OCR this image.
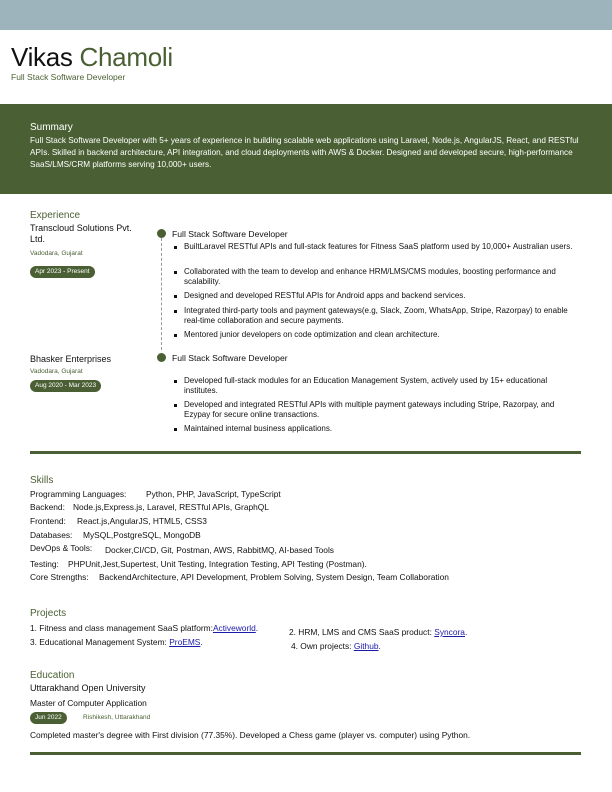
Vikas Chamoli
Full Stack Software Developer
Summary
Full Stack Software Developer with 5+ years of experience in building scalable web applications using Laravel, Node.js, AngularJS, React, and RESTful APIs. Skilled in backend architecture, API integration, and cloud deployments with AWS & Docker. Designed and developed secure, high-performance SaaS/LMS/CRM platforms serving 10,000+ users.
Experience
Transcloud Solutions Pvt. Ltd.
Vadodara, Gujarat
Apr 2023 - Present
Full Stack Software Developer
BuiltLaravel RESTful APIs and full-stack features for Fitness SaaS platform used by 10,000+ Australian users.
Collaborated with the team to develop and enhance HRM/LMS/CMS modules, boosting performance and scalability.
Designed and developed RESTful APIs for Android apps and backend services.
Integrated third-party tools and payment gateways(e.g, Slack, Zoom, WhatsApp, Stripe, Razorpay) to enable real-time collaboration and secure payments.
Mentored junior developers on code optimization and clean architecture.
Bhasker Enterprises
Vadodara, Gujarat
Aug 2020 - Mar 2023
Full Stack Software Developer
Developed full-stack modules for an Education Management System, actively used by 15+ educational institutes.
Developed and integrated RESTful APIs with multiple payment gateways including Stripe, Razorpay, and Ezypay for secure online transactions.
Maintained internal business applications.
Skills
Programming Languages: Python, PHP, JavaScript, TypeScript
Backend: Node.js,Express.js, Laravel, RESTful APIs, GraphQL
Frontend: React.js,AngularJS, HTML5, CSS3
Databases: MySQL,PostgreSQL, MongoDB
DevOps & Tools: Docker,CI/CD, Git, Postman, AWS, RabbitMQ, AI-based Tools
Testing: PHPUnit,Jest,Supertest, Unit Testing, Integration Testing, API Testing (Postman).
Core Strengths: BackendArchitecture, API Development, Problem Solving, System Design, Team Collaboration
Projects
1. Fitness and class management SaaS platform:Activeworld.	2. HRM, LMS and CMS SaaS product: Syncora.
3. Educational Management System: ProEMS.	4. Own projects: Github.
Education
Uttarakhand Open University
Master of Computer Application
Jun 2022	Rishikesh, Uttarakhand
Completed master's degree with First division (77.35%). Developed a Chess game (player vs. computer) using Python.
